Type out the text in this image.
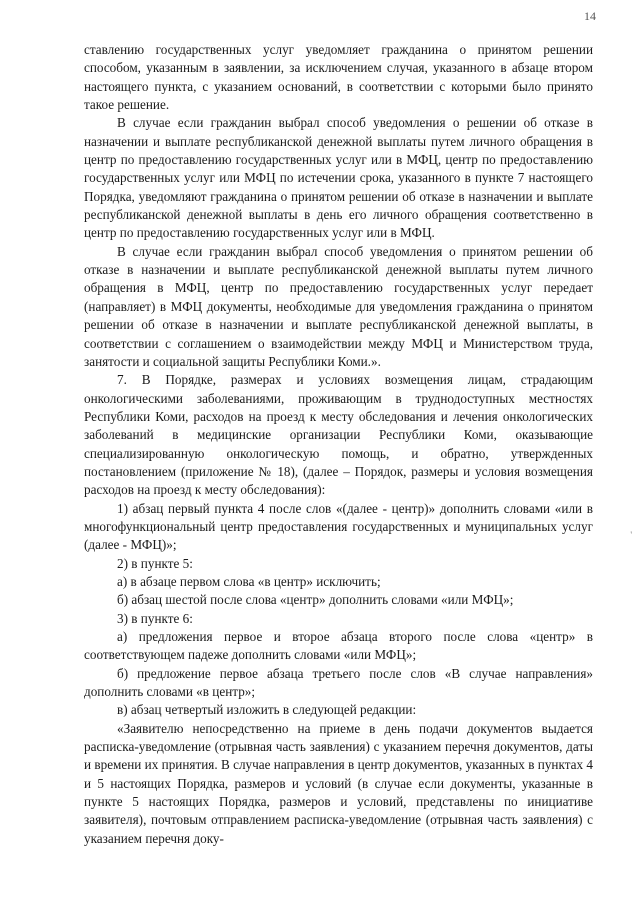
14

ставлению государственных услуг уведомляет гражданина о принятом решении способом, указанным в заявлении, за исключением случая, указанного в абзаце втором настоящего пункта, с указанием оснований, в соответствии с которыми было принято такое решение.

В случае если гражданин выбрал способ уведомления о решении об отказе в назначении и выплате республиканской денежной выплаты путем личного обращения в центр по предоставлению государственных услуг или в МФЦ, центр по предоставлению государственных услуг или МФЦ по истечении срока, указанного в пункте 7 настоящего Порядка, уведомляют гражданина о принятом решении об отказе в назначении и выплате республиканской денежной выплаты в день его личного обращения соответственно в центр по предоставлению государственных услуг или в МФЦ.

В случае если гражданин выбрал способ уведомления о принятом решении об отказе в назначении и выплате республиканской денежной выплаты путем личного обращения в МФЦ, центр по предоставлению государственных услуг передает (направляет) в МФЦ документы, необходимые для уведомления гражданина о принятом решении об отказе в назначении и выплате республиканской денежной выплаты, в соответствии с соглашением о взаимодействии между МФЦ и Министерством труда, занятости и социальной защиты Республики Коми.».

7. В Порядке, размерах и условиях возмещения лицам, страдающим онкологическими заболеваниями, проживающим в труднодоступных местностях Республики Коми, расходов на проезд к месту обследования и лечения онкологических заболеваний в медицинские организации Республики Коми, оказывающие специализированную онкологическую помощь, и обратно, утвержденных постановлением (приложение № 18), (далее – Порядок, размеры и условия возмещения расходов на проезд к месту обследования):

1) абзац первый пункта 4 после слов «(далее - центр)» дополнить словами «или в многофункциональный центр предоставления государственных и муниципальных услуг (далее - МФЦ)»;

2) в пункте 5:

а) в абзаце первом слова «в центр» исключить;

б) абзац шестой после слова «центр» дополнить словами «или МФЦ»;

3) в пункте 6:

а) предложения первое и второе абзаца второго после слова «центр» в соответствующем падеже дополнить словами «или МФЦ»;

б) предложение первое абзаца третьего после слов «В случае направления» дополнить словами «в центр»;

в) абзац четвертый изложить в следующей редакции:

«Заявителю непосредственно на приеме в день подачи документов выдается расписка-уведомление (отрывная часть заявления) с указанием перечня документов, даты и времени их принятия. В случае направления в центр документов, указанных в пунктах 4 и 5 настоящих Порядка, размеров и условий (в случае если документы, указанные в пункте 5 настоящих Порядка, размеров и условий, представлены по инициативе заявителя), почтовым отправлением расписка-уведомление (отрывная часть заявления) с указанием перечня доку-

'
